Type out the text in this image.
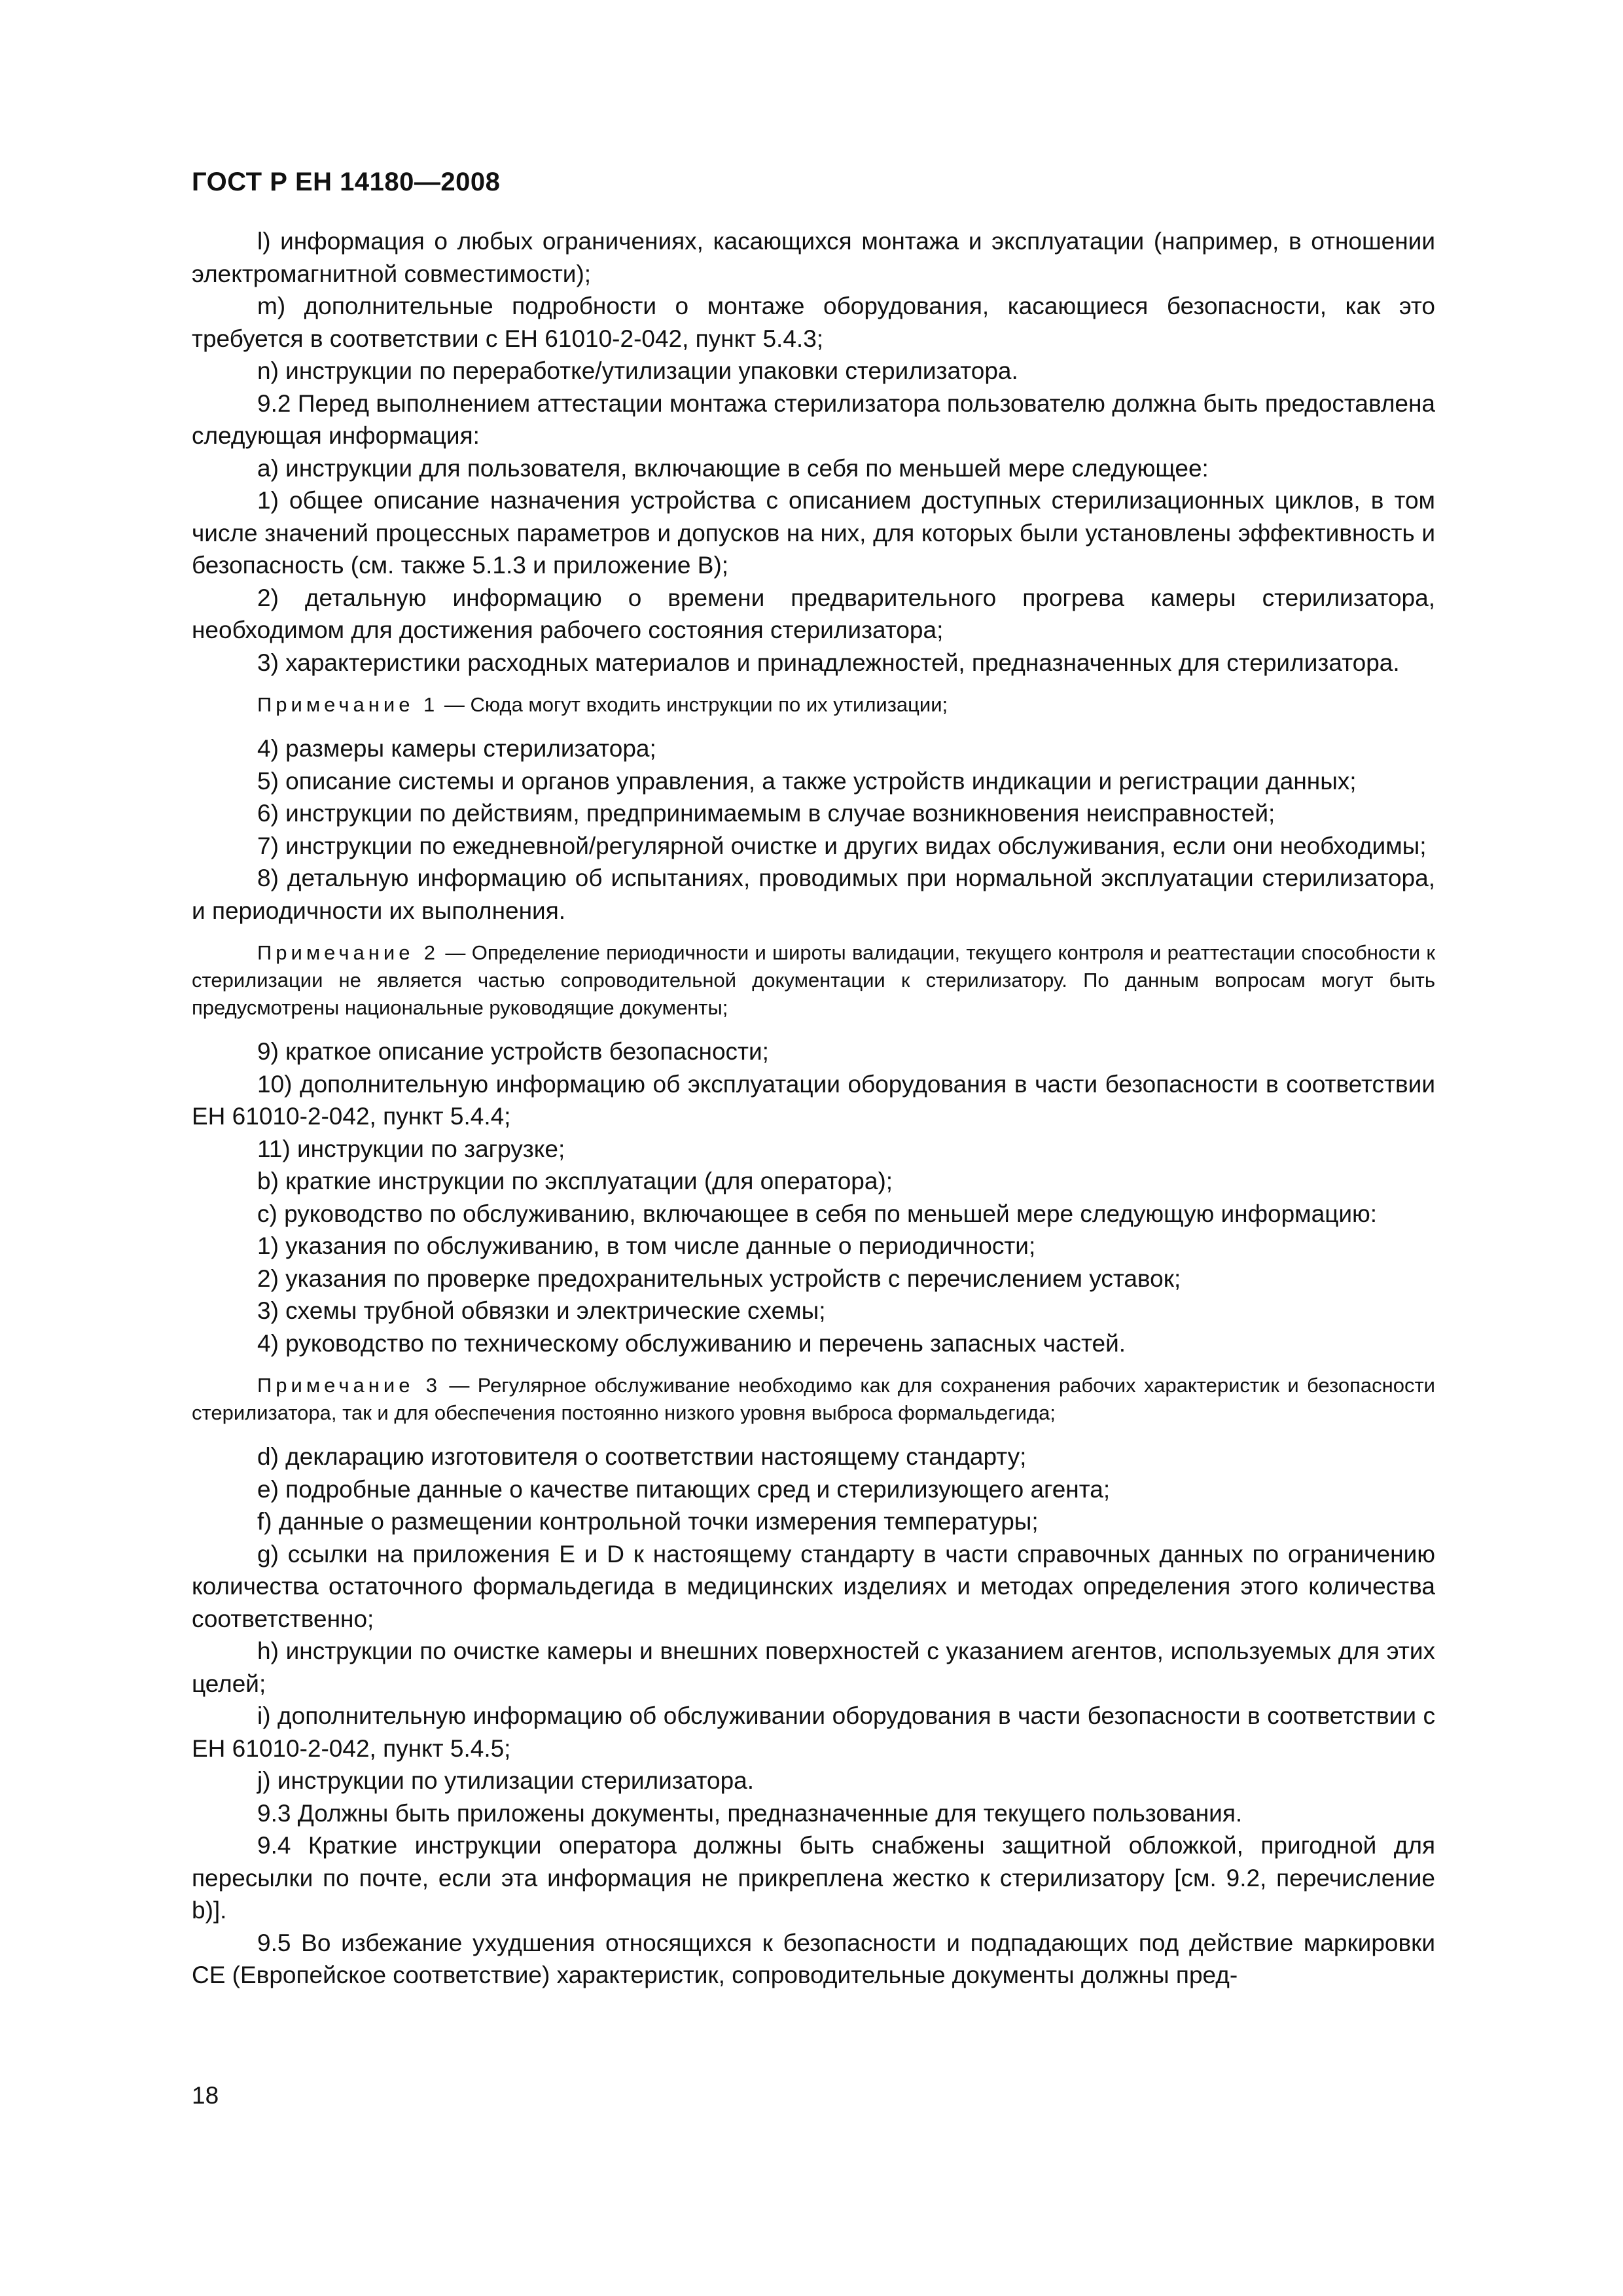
ГОСТ Р ЕН 14180—2008

l) информация о любых ограничениях, касающихся монтажа и эксплуатации (например, в отношении электромагнитной совместимости);

m) дополнительные подробности о монтаже оборудования, касающиеся безопасности, как это требуется в соответствии с ЕН 61010-2-042, пункт 5.4.3;

n) инструкции по переработке/утилизации упаковки стерилизатора.

9.2 Перед выполнением аттестации монтажа стерилизатора пользователю должна быть предоставлена следующая информация:

a) инструкции для пользователя, включающие в себя по меньшей мере следующее:

1) общее описание назначения устройства с описанием доступных стерилизационных циклов, в том числе значений процессных параметров и допусков на них, для которых были установлены эффективность и безопасность (см. также 5.1.3 и приложение В);

2) детальную информацию о времени предварительного прогрева камеры стерилизатора, необходимом для достижения рабочего состояния стерилизатора;

3) характеристики расходных материалов и принадлежностей, предназначенных для стерилизатора.

Примечание 1 — Сюда могут входить инструкции по их утилизации;

4) размеры камеры стерилизатора;

5) описание системы и органов управления, а также устройств индикации и регистрации данных;

6) инструкции по действиям, предпринимаемым в случае возникновения неисправностей;

7) инструкции по ежедневной/регулярной очистке и других видах обслуживания, если они необходимы;

8) детальную информацию об испытаниях, проводимых при нормальной эксплуатации стерилизатора, и периодичности их выполнения.

Примечание 2 — Определение периодичности и широты валидации, текущего контроля и реаттестации способности к стерилизации не является частью сопроводительной документации к стерилизатору. По данным вопросам могут быть предусмотрены национальные руководящие документы;

9) краткое описание устройств безопасности;

10) дополнительную информацию об эксплуатации оборудования в части безопасности в соответствии ЕН 61010-2-042, пункт 5.4.4;

11) инструкции по загрузке;

b) краткие инструкции по эксплуатации (для оператора);

c) руководство по обслуживанию, включающее в себя по меньшей мере следующую информацию:

1) указания по обслуживанию, в том числе данные о периодичности;

2) указания по проверке предохранительных устройств с перечислением уставок;

3) схемы трубной обвязки и электрические схемы;

4) руководство по техническому обслуживанию и перечень запасных частей.

Примечание 3 — Регулярное обслуживание необходимо как для сохранения рабочих характеристик и безопасности стерилизатора, так и для обеспечения постоянно низкого уровня выброса формальдегида;

d) декларацию изготовителя о соответствии настоящему стандарту;

e) подробные данные о качестве питающих сред и стерилизующего агента;

f) данные о размещении контрольной точки измерения температуры;

g) ссылки на приложения Е и D к настоящему стандарту в части справочных данных по ограничению количества остаточного формальдегида в медицинских изделиях и методах определения этого количества соответственно;

h) инструкции по очистке камеры и внешних поверхностей с указанием агентов, используемых для этих целей;

i) дополнительную информацию об обслуживании оборудования в части безопасности в соответствии с ЕН 61010-2-042, пункт 5.4.5;

j) инструкции по утилизации стерилизатора.

9.3 Должны быть приложены документы, предназначенные для текущего пользования.

9.4 Краткие инструкции оператора должны быть снабжены защитной обложкой, пригодной для пересылки по почте, если эта информация не прикреплена жестко к стерилизатору [см. 9.2, перечисление b)].

9.5 Во избежание ухудшения относящихся к безопасности и подпадающих под действие маркировки СЕ (Европейское соответствие) характеристик, сопроводительные документы должны пред-

18
